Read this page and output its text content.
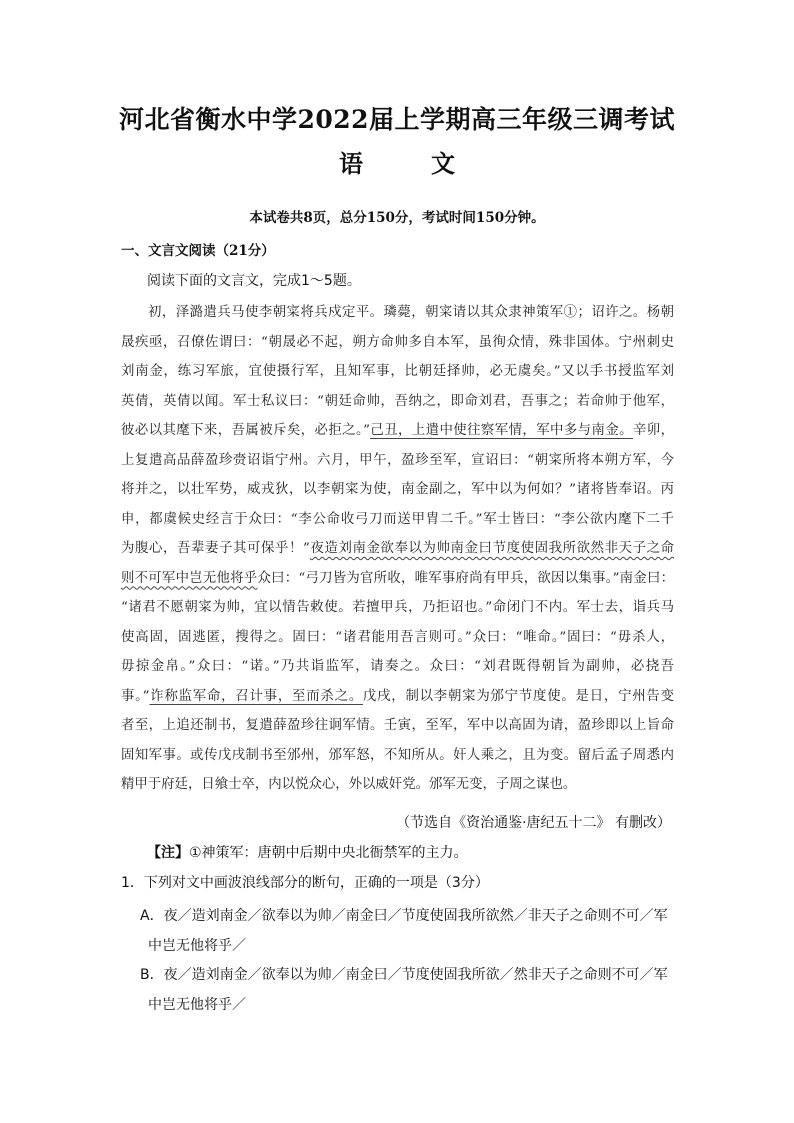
河北省衡水中学2022届上学期高三年级三调考试
语　文
本试卷共8页，总分150分，考试时间150分钟。
一、文言文阅读（21分）
阅读下面的文言文，完成1～5题。
初，泽潞遣兵马使李朝寀将兵戍定平。璘薨，朝寀请以其众隶神策军①；诏许之。杨朝
晟疾亟，召僚佐谓曰：“朝晟必不起，朔方命帅多自本军，虽徇众情，殊非国体。宁州刺史
刘南金，练习军旅，宜使摄行军，且知军事，比朝廷择帅，必无虞矣。”又以手书授监军刘
英倩，英倩以闻。军士私议曰：“朝廷命帅，吾纳之，即命刘君，吾事之；若命帅于他军，
彼必以其麾下来，吾属被斥矣，必拒之。”己丑，上遣中使往察军情，军中多与南金。辛卯，
上复遣高品薛盈珍赍诏诣宁州。六月，甲午，盈珍至军，宣诏曰：“朝寀所将本朔方军，今
将并之，以壮军势，威戎狄，以李朝寀为使，南金副之，军中以为何如？”诸将皆奉诏。丙
申，都虞候史经言于众曰：“李公命收弓刀而送甲胄二千。”军士皆曰：“李公欲内麾下二千
为腹心，吾辈妻子其可保乎！”夜造刘南金欲奉以为帅南金曰节度使固我所欲然非天子之命
则不可军中岂无他将乎众曰：“弓刀皆为官所收，唯军事府尚有甲兵，欲因以集事。”南金曰：
“诸君不愿朝寀为帅，宜以情告敕使。若擅甲兵，乃拒诏也。”命闭门不内。军士去，诣兵马
使高固，固逃匿，搜得之。固曰：“诸君能用吾言则可。”众曰：“唯命。”固曰：“毋杀人，
毋掠金帛。”众曰：“诺。”乃共诣监军，请奏之。众曰：“刘君既得朝旨为副帅，必挠吾
事。”诈称监军命，召计事，至而杀之。戊戌，制以李朝寀为邠宁节度使。是日，宁州告变
者至，上追还制书，复遣薛盈珍往诇军情。壬寅，至军，军中以高固为请，盈珍即以上旨命
固知军事。或传戊戌制书至邠州，邠军怒，不知所从。奸人乘之，且为变。留后孟子周悉内
精甲于府廷，日飨士卒，内以悦众心，外以威奸党。邠军无变，子周之谋也。
（节选自《资治通鉴·唐纪五十二》 有删改）
【注】①神策军：唐朝中后期中央北衙禁军的主力。
1．下列对文中画波浪线部分的断句，正确的一项是（3分）
A．夜／造刘南金／欲奉以为帅／南金曰／节度使固我所欲然／非天子之命则不可／军
中岂无他将乎／
B．夜／造刘南金／欲奉以为帅／南金曰／节度使固我所欲／然非天子之命则不可／军
中岂无他将乎／
